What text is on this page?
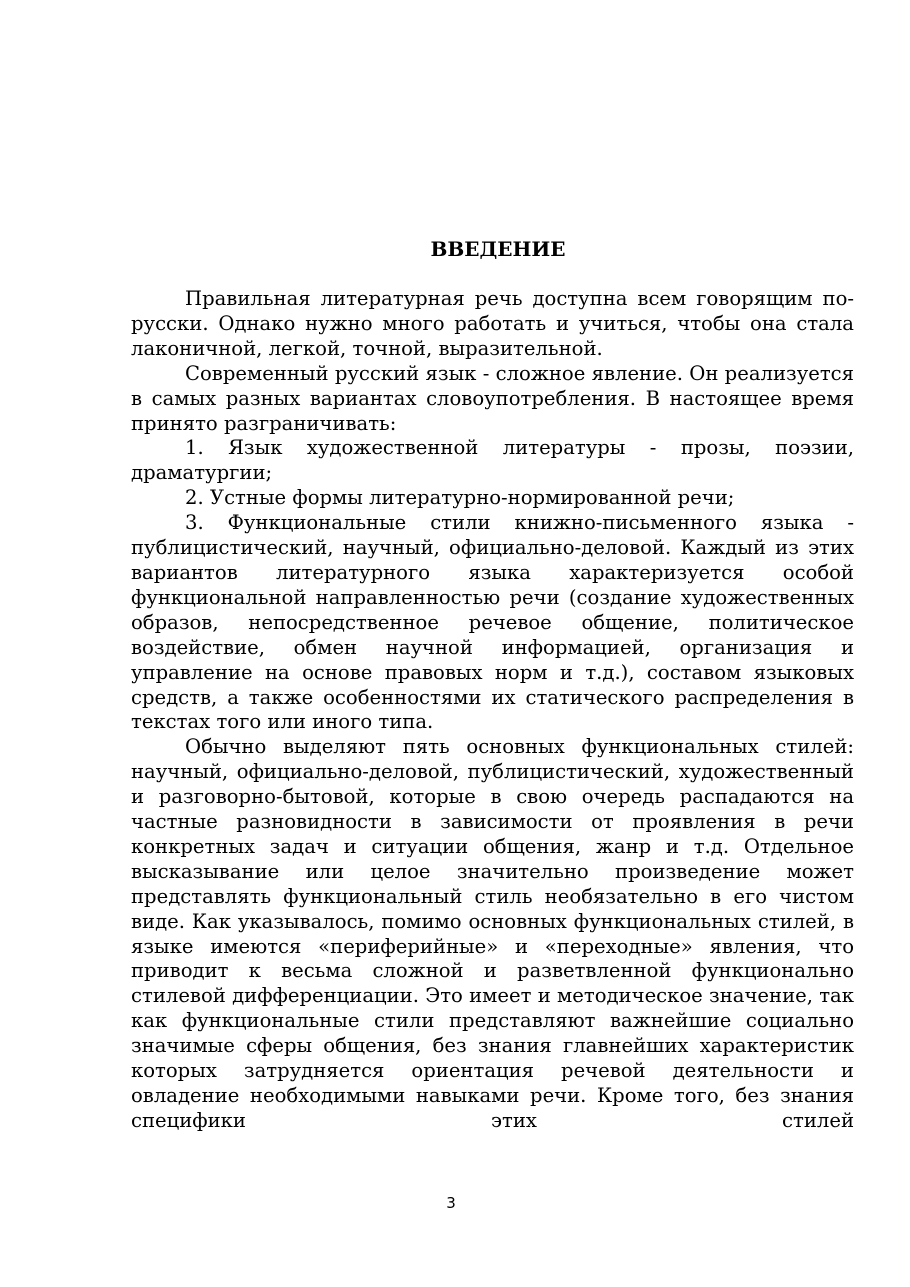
ВВЕДЕНИЕ

Правильная литературная речь доступна всем говорящим по-русски. Однако нужно много работать и учиться, чтобы она стала лаконичной, легкой, точной, выразительной.

Современный русский язык - сложное явление. Он реализуется в самых разных вариантах словоупотребления. В настоящее время принято разграничивать:

1. Язык художественной литературы - прозы, поэзии, драматургии;

2. Устные формы литературно-нормированной речи;

3. Функциональные стили книжно-письменного языка - публицистический, научный, официально-деловой. Каждый из этих вариантов литературного языка характеризуется особой функциональной направленностью речи (создание художественных образов, непосредственное речевое общение, политическое воздействие, обмен научной информацией, организация и управление на основе правовых норм и т.д.), составом языковых средств, а также особенностями их статического распределения в текстах того или иного типа.

Обычно выделяют пять основных функциональных стилей: научный, официально-деловой, публицистический, художественный и разговорно-бытовой, которые в свою очередь распадаются на частные разновидности в зависимости от проявления в речи конкретных задач и ситуации общения, жанр и т.д. Отдельное высказывание или целое значительно произведение может представлять функциональный стиль необязательно в его чистом виде. Как указывалось, помимо основных функциональных стилей, в языке имеются «периферийные» и «переходные» явления, что приводит к весьма сложной и разветвленной функционально стилевой дифференциации. Это имеет и методическое значение, так как функциональные стили представляют важнейшие социально значимые сферы общения, без знания главнейших характеристик которых затрудняется ориентация речевой деятельности и овладение необходимыми навыками речи. Кроме того, без знания специфики этих стилей

3
